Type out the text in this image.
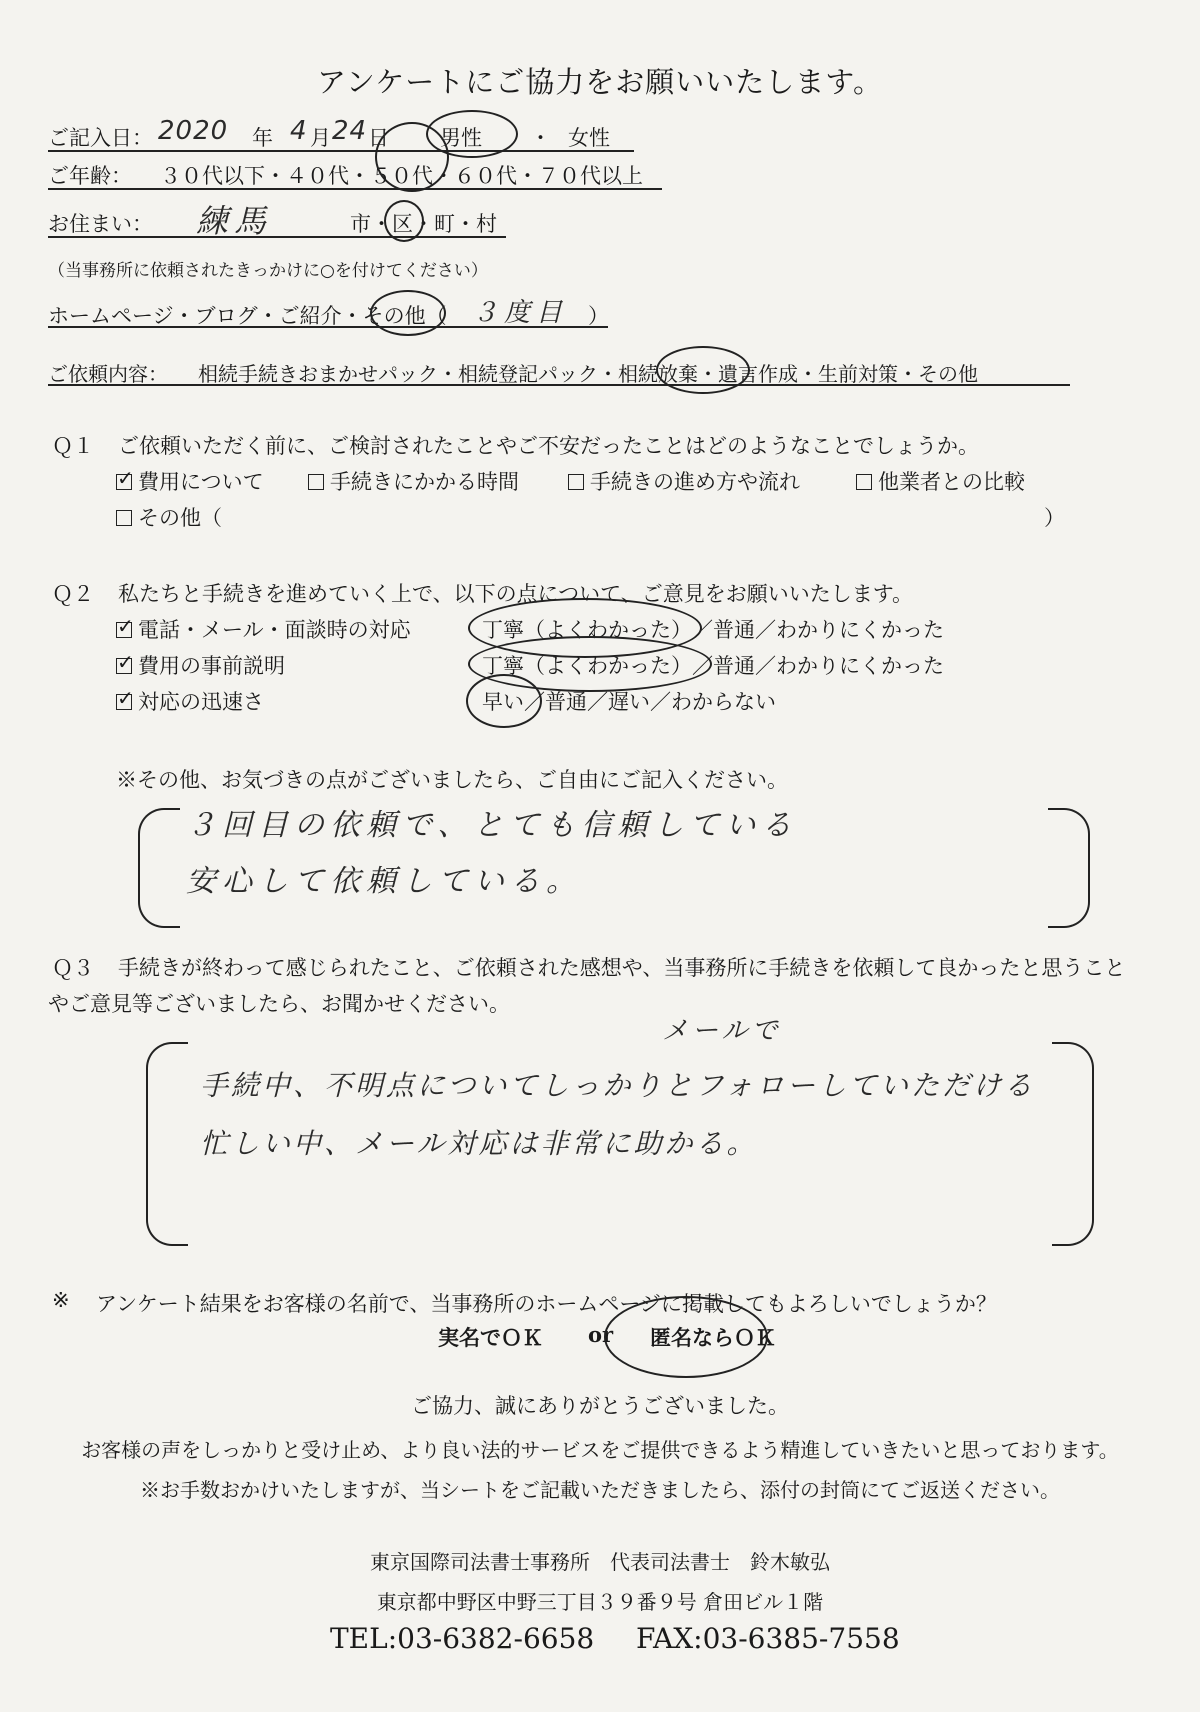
アンケートにご協力をお願いいたします。
ご記入日： 2020 年 4 月 24 日 男性 ・ 女性
ご年齢： ３０代以下・４０代・５０代・６０代・７０代以上
お住まい： 練馬	市・区・町・村
（当事務所に依頼されたきっかけに○を付けてください）
ホームページ・ブログ・ご紹介・その他（ ３度目 ）
ご依頼内容： 相続手続きおまかせパック・相続登記パック・相続放棄・遺言作成・生前対策・その他
Ｑ１ ご依頼いただく前に、ご検討されたことやご不安だったことはどのようなことでしょうか。
✓費用について	手続きにかかる時間	手続きの進め方や流れ	他業者との比較
その他（	）
Ｑ２ 私たちと手続きを進めていく上で、以下の点について、ご意見をお願いいたします。
✓電話・メール・面談時の対応	丁寧（よくわかった）／普通／わかりにくかった
✓費用の事前説明	丁寧（よくわかった）／普通／わかりにくかった
✓対応の迅速さ	早い／普通／遅い／わからない
※その他、お気づきの点がございましたら、ご自由にご記入ください。
３回目の依頼で、とても信頼している
安心して依頼している。
Ｑ３ 手続きが終わって感じられたこと、ご依頼された感想や、当事務所に手続きを依頼して良かったと思うこと
やご意見等ございましたら、お聞かせください。
メールで
手続中、不明点についてしっかりとフォローしていただける
忙しい中、メール対応は非常に助かる。
※ アンケート結果をお客様の名前で、当事務所のホームページに掲載してもよろしいでしょうか？
実名でＯＫ or 匿名ならＯＫ
ご協力、誠にありがとうございました。
お客様の声をしっかりと受け止め、より良い法的サービスをご提供できるよう精進していきたいと思っております。
※お手数おかけいたしますが、当シートをご記載いただきましたら、添付の封筒にてご返送ください。
東京国際司法書士事務所　代表司法書士　鈴木敏弘
東京都中野区中野三丁目３９番９号 倉田ビル１階
TEL:03-6382-6658 FAX:03-6385-7558
